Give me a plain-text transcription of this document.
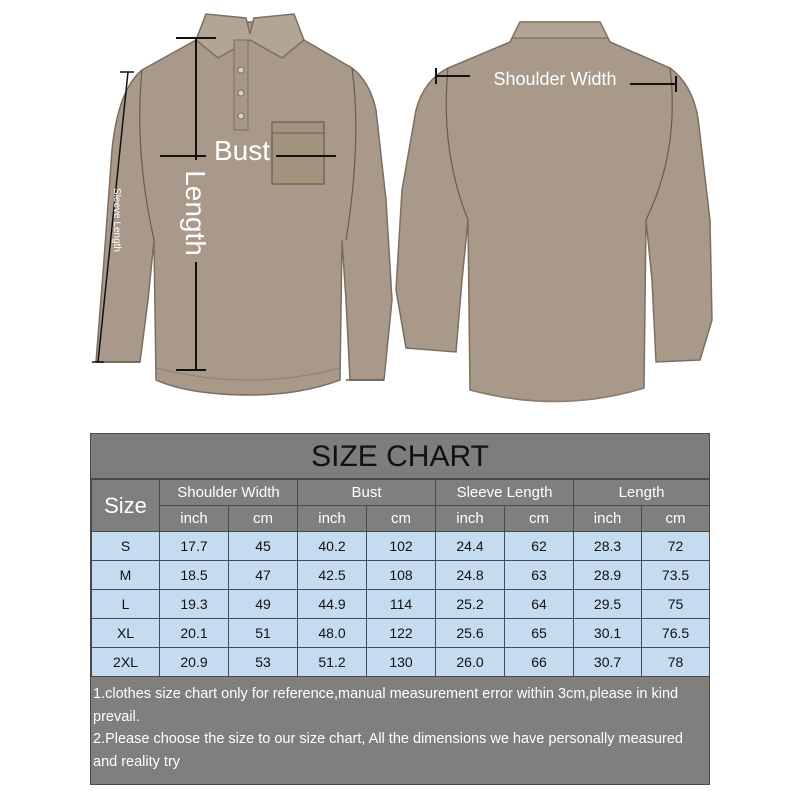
Bust
Length
Sleeve Length
Shoulder Width
SIZE CHART
Size	Shoulder Width		Bust		Sleeve Length		Length	
	inch	cm	inch	cm	inch	cm	inch	cm
S	17.7	45	40.2	102	24.4	62	28.3	72
M	18.5	47	42.5	108	24.8	63	28.9	73.5
L	19.3	49	44.9	114	25.2	64	29.5	75
XL	20.1	51	48.0	122	25.6	65	30.1	76.5
2XL	20.9	53	51.2	130	26.0	66	30.7	78

1.clothes size chart only for reference,manual measurement error within 3cm,please in kind prevail.

2.Please choose the size to our size chart, All the dimensions we have personally measured and reality try
